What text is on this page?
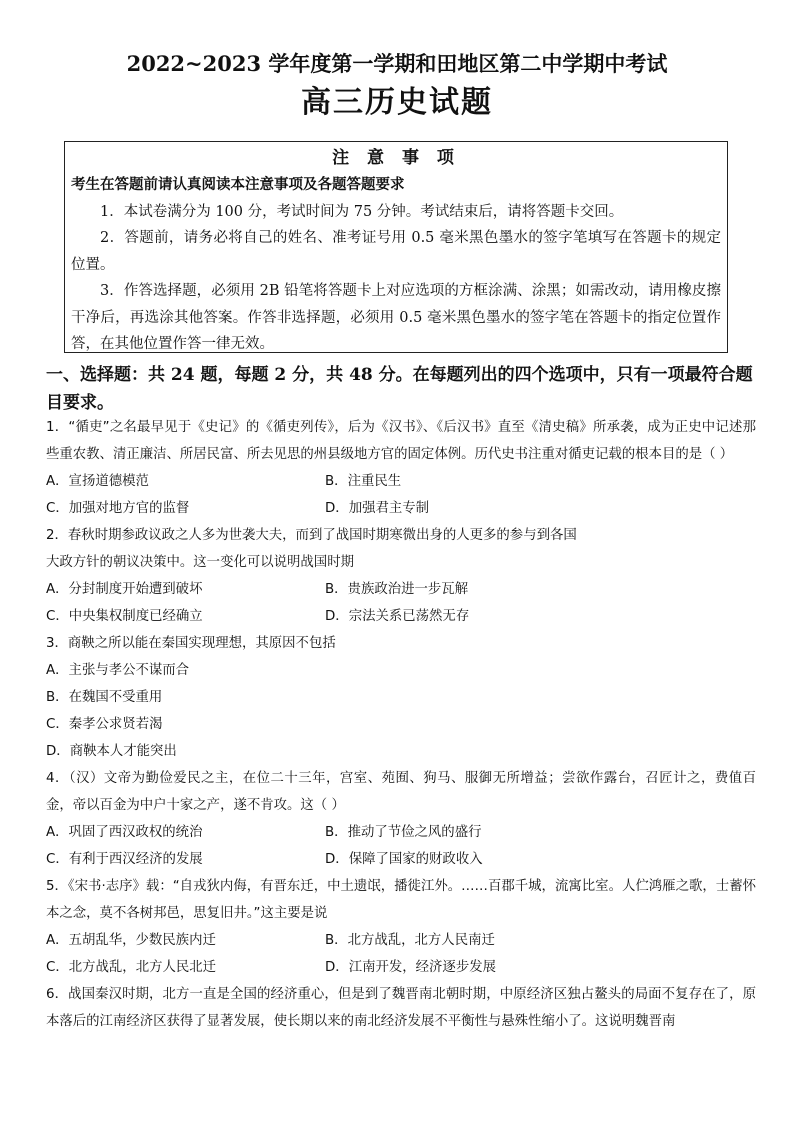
2022~2023 学年度第一学期和田地区第二中学期中考试
高三历史试题
注 意 事 项
考生在答题前请认真阅读本注意事项及各题答题要求

1．本试卷满分为 100 分，考试时间为 75 分钟。考试结束后，请将答题卡交回。

2．答题前，请务必将自己的姓名、准考证号用 0.5 毫米黑色墨水的签字笔填写在答题卡的规定位置。

3．作答选择题，必须用 2B 铅笔将答题卡上对应选项的方框涂满、涂黑；如需改动，请用橡皮擦干净后，再选涂其他答案。作答非选择题，必须用 0.5 毫米黑色墨水的签字笔在答题卡的指定位置作答，在其他位置作答一律无效。

一、选择题：共 24 题，每题 2 分，共 48 分。在每题列出的四个选项中，只有一项最符合题目要求。

1．“循吏”之名最早见于《史记》的《循吏列传》，后为《汉书》、《后汉书》直至《清史稿》所承袭，成为正史中记述那些重农教、清正廉洁、所居民富、所去见思的州县级地方官的固定体例。历代史书注重对循吏记载的根本目的是（ ）

A．宣扬道德模范	B．注重民生
C．加强对地方官的监督	D．加强君主专制

2．春秋时期参政议政之人多为世袭大夫，而到了战国时期寒微出身的人更多的参与到各国

大政方针的朝议决策中。这一变化可以说明战国时期

A．分封制度开始遭到破坏	B．贵族政治进一步瓦解
C．中央集权制度已经确立	D．宗法关系已荡然无存

3．商鞅之所以能在秦国实现理想，其原因不包括

A．主张与孝公不谋而合
B．在魏国不受重用
C．秦孝公求贤若渴
D．商鞅本人才能突出

4．（汉）文帝为勤俭爱民之主，在位二十三年，宫室、苑囿、狗马、服御无所增益；尝欲作露台，召匠计之，费值百金，帝以百金为中户十家之产，遂不肯攻。这（ ）

A．巩固了西汉政权的统治	B．推动了节俭之风的盛行
C．有利于西汉经济的发展	D．保障了国家的财政收入

5．《宋书·志序》载：“自戎狄内侮，有晋东迁，中土遗氓，播徙江外。……百郡千城，流寓比室。人伫鸿雁之歌，士蓄怀本之念，莫不各树邦邑，思复旧井。”这主要是说

A．五胡乱华，少数民族内迁	B．北方战乱，北方人民南迁
C．北方战乱，北方人民北迁	D．江南开发，经济逐步发展

6．战国秦汉时期，北方一直是全国的经济重心，但是到了魏晋南北朝时期，中原经济区独占鳌头的局面不复存在了，原本落后的江南经济区获得了显著发展，使长期以来的南北经济发展不平衡性与悬殊性缩小了。这说明魏晋南
